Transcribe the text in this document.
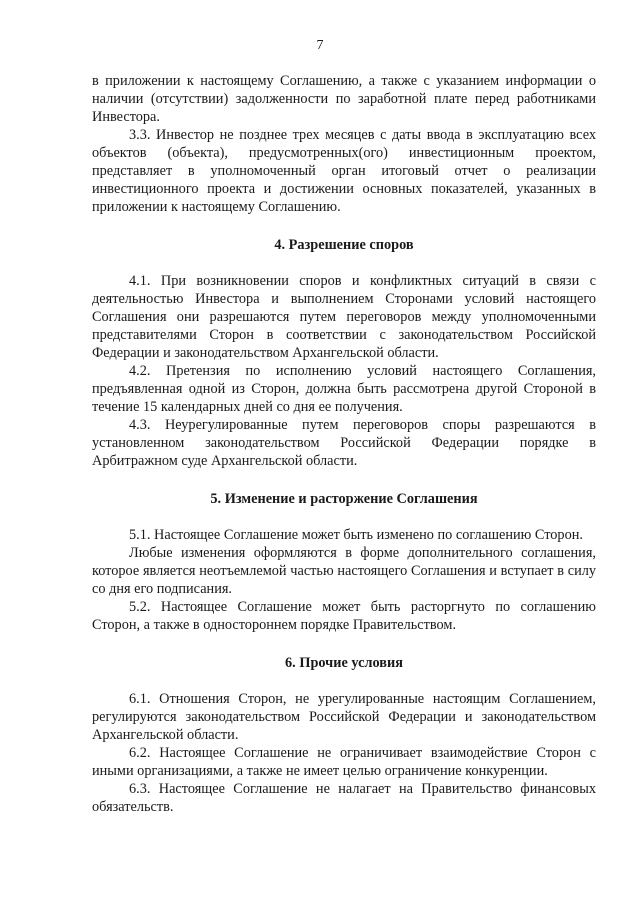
7

в приложении к настоящему Соглашению, а также с указанием информации о наличии (отсутствии) задолженности по заработной плате перед работниками Инвестора.

3.3. Инвестор не позднее трех месяцев с даты ввода в эксплуатацию всех объектов (объекта), предусмотренных(ого) инвестиционным проектом, представляет в уполномоченный орган итоговый отчет о реализации инвестиционного проекта и достижении основных показателей, указанных в приложении к настоящему Соглашению.

4. Разрешение споров

4.1. При возникновении споров и конфликтных ситуаций в связи с деятельностью Инвестора и выполнением Сторонами условий настоящего Соглашения они разрешаются путем переговоров между уполномоченными представителями Сторон в соответствии с законодательством Российской Федерации и законодательством Архангельской области.

4.2. Претензия по исполнению условий настоящего Соглашения, предъявленная одной из Сторон, должна быть рассмотрена другой Стороной в течение 15 календарных дней со дня ее получения.

4.3. Неурегулированные путем переговоров споры разрешаются в установленном законодательством Российской Федерации порядке в Арбитражном суде Архангельской области.

5. Изменение и расторжение Соглашения

5.1. Настоящее Соглашение может быть изменено по соглашению Сторон.

Любые изменения оформляются в форме дополнительного соглашения, которое является неотъемлемой частью настоящего Соглашения и вступает в силу со дня его подписания.

5.2. Настоящее Соглашение может быть расторгнуто по соглашению Сторон, а также в одностороннем порядке Правительством.

6. Прочие условия

6.1. Отношения Сторон, не урегулированные настоящим Соглашением, регулируются законодательством Российской Федерации и законодательством Архангельской области.

6.2. Настоящее Соглашение не ограничивает взаимодействие Сторон с иными организациями, а также не имеет целью ограничение конкуренции.

6.3. Настоящее Соглашение не налагает на Правительство финансовых обязательств.
